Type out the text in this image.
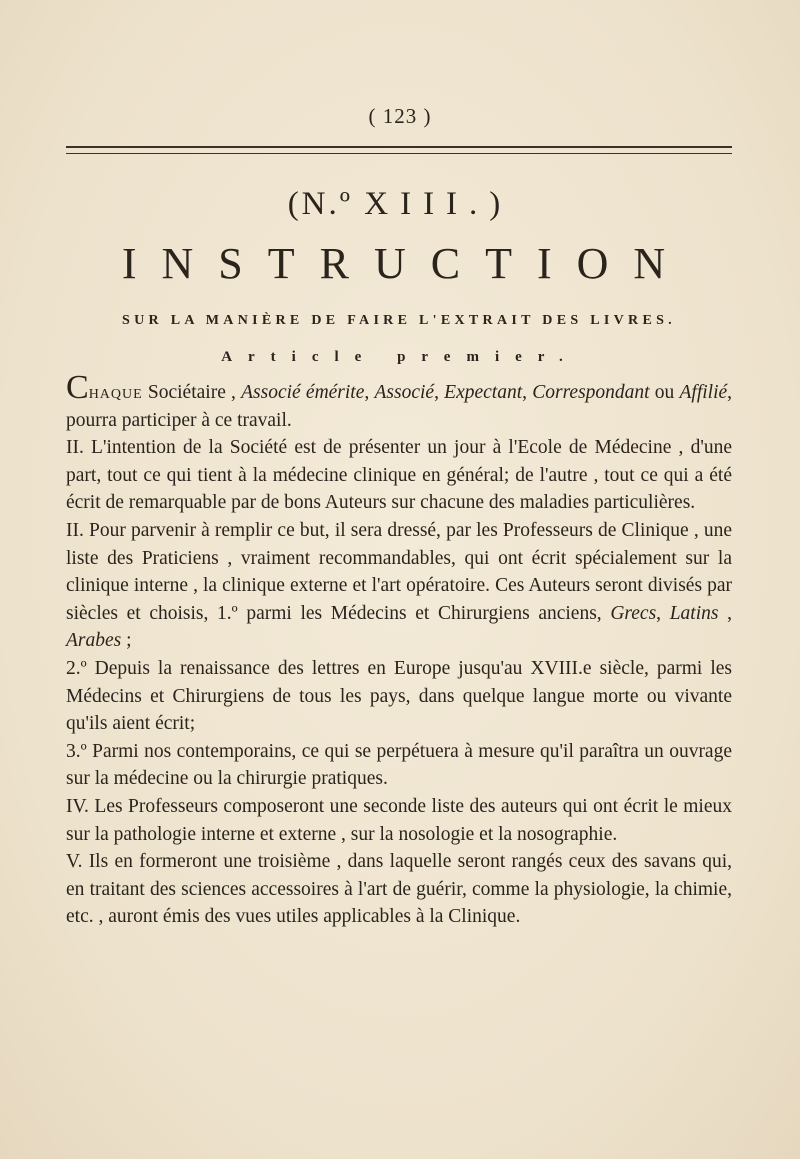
( 123 )
(N.º XIII.)
INSTRUCTION
SUR LA MANIÈRE DE FAIRE L'EXTRAIT DES LIVRES.
Article premier.

Chaque Sociétaire , Associé émérite, Associé, Expectant, Correspondant ou Affilié, pourra participer à ce travail.

II. L'intention de la Société est de présenter un jour à l'Ecole de Médecine , d'une part, tout ce qui tient à la médecine clinique en général; de l'autre , tout ce qui a été écrit de remarquable par de bons Auteurs sur chacune des maladies particulières.

II. Pour parvenir à remplir ce but, il sera dressé, par les Professeurs de Clinique , une liste des Praticiens , vraiment recommandables, qui ont écrit spécialement sur la clinique interne , la clinique externe et l'art opératoire. Ces Auteurs seront divisés par siècles et choisis, 1.º parmi les Médecins et Chirurgiens anciens, Grecs, Latins , Arabes ;

2.º Depuis la renaissance des lettres en Europe jusqu'au XVIII.e siècle, parmi les Médecins et Chirurgiens de tous les pays, dans quelque langue morte ou vivante qu'ils aient écrit;

3.º Parmi nos contemporains, ce qui se perpétuera à mesure qu'il paraîtra un ouvrage sur la médecine ou la chirurgie pratiques.

IV. Les Professeurs composeront une seconde liste des auteurs qui ont écrit le mieux sur la pathologie interne et externe , sur la nosologie et la nosographie.

V. Ils en formeront une troisième , dans laquelle seront rangés ceux des savans qui, en traitant des sciences accessoires à l'art de guérir, comme la physiologie, la chimie, etc. , auront émis des vues utiles applicables à la Clinique.
